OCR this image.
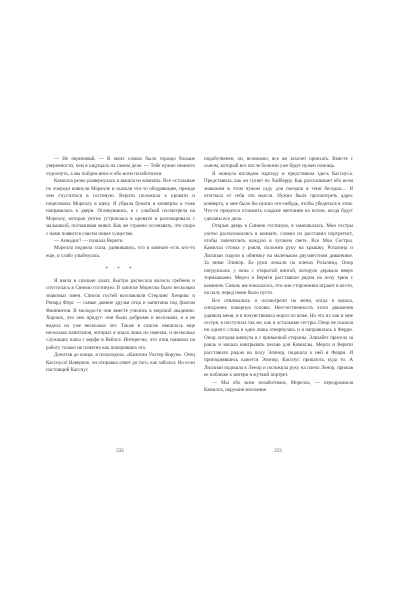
— Не переживай. — В моих словах было гораздо больше уверенности, чем я ощущала на самом деле. — Тебе нужно немного отдохнуть, а мы пойдем вниз и обо всем позаботимся.

Камилла резко развернулась и вышла из комнаты. Все остальные по очереди кивнули Морелле и сказали что-то ободряющее, прежде чем спуститься в гостиную. Верити положила к кровати и поцеловала Мореллу в щеку. Я убрала бумаги и конверты и тоже направилась к двери. Оглянувшись, я с улыбкой посмотрела на Мореллу, которая уютно устроилась в кровати и разговаривала с малышкой, поглаживая живот. Как же странно осознавать, что скоро с нами появится совсем новое существо.

— Аннадис? — позвала Верити.

Морелла подняла глаза, удивившись, что в комнате есть кто-то еще, и слабо улыбнулась.

* * *

Я взяла в спальне халат, быстро расчесала волосы гребнем и спустилась в Синюю гостиную. В записке Мореллы было несколько знакомых имен. Список гостей возглавляли Стерлинг Хенрикс и Ренард Форс — самые давние друзья отца и капитаны под флагом Фаннинтов. В молодости они вместе учились в морской академии. Хорошо, что они придут: они были добрыми и веселыми, и я не видела их уже несколько лет. Также в списке значилось еще несколько капитанов, которых я знала лишь по именам, и несколько служащих папы с верфи в Вейлсе. Интересно, что отец нанимал на работу только не понятно как покоривших его.

Дочитав до конца, я похолодела. «Капитан Уолтер Корум». Отец Кассиуса! Наверное, он отправил ответ до того, как заболел. Но если настоящий Кассиус

232

подобственен, он, возможно, все же захочет приехать. Вместе с сыном, который все после болезни уже будет нужен помощь.

Я окинула взглядом партиду и представила здесь Кассиуса. Представила, как он гуляет по Хайберру. Как рассказывает обо всем знакомом в этом чужом саду для поездок в тени беседки… Я отогнала от себя эти мысли. Нужно было просмотреть адрес конверта, и мне было бы нужно что-нибудь, чтобы убедиться в этом. Что-то придется отложить сладкие мечтания на потом, когда будут сделаны все дела.

Открыв дверь в Синюю гостиную, я замешкалась. Мои сестры уютно расположились в комнате, словно их расставил портретист, чтобы запечатлеть каждую в лучшем свете. Все Мои Сестры. Камилла стояла у рояля, положив руку на крышку. Розалинд и Лиллиан сидели в обнимку на маленьком двухместном диванчике. За ними Элинор. Ее руки лежали на плечах Розалинд. Онор погрузилась у окна с открытой книгой, которую держала вверх тормашками. Мерси и Верити расставили рядом на полу трюк с камином. Сквозь им показалось, что они сторонники играют в кости, на полу перед ними было пусто.

Все отвлекались и посмотрели на меня, когда я вошла, синхронно повернув головы. Неестественность этого движения удивила меня, и я почувствовала мороз по коже. Но это их как и мне сестре, я поступила так же, как и остальные сестры. Онор не сказала ни одного слова и одна лишь отвернулась и я направилась к Ферри. Онор, которая кивнула и с привычной стороны. Элизабет присела за рояль и начала наигрывать песню для Камиллы. Мерси и Верити расставили рядом на полу Элинор, подошла к ней и Ферри. И приподнявшись кажется Элинор, Кассиус пришлось куда то. А Лиллиан подошла к Ленор и положила руку на плечо Ленор, прижав ее поближе к матери в жуткий портрет.

— Мы обо всем позаботимся, Морелла, — передразнила Камилла, нарушив молчание.

233
